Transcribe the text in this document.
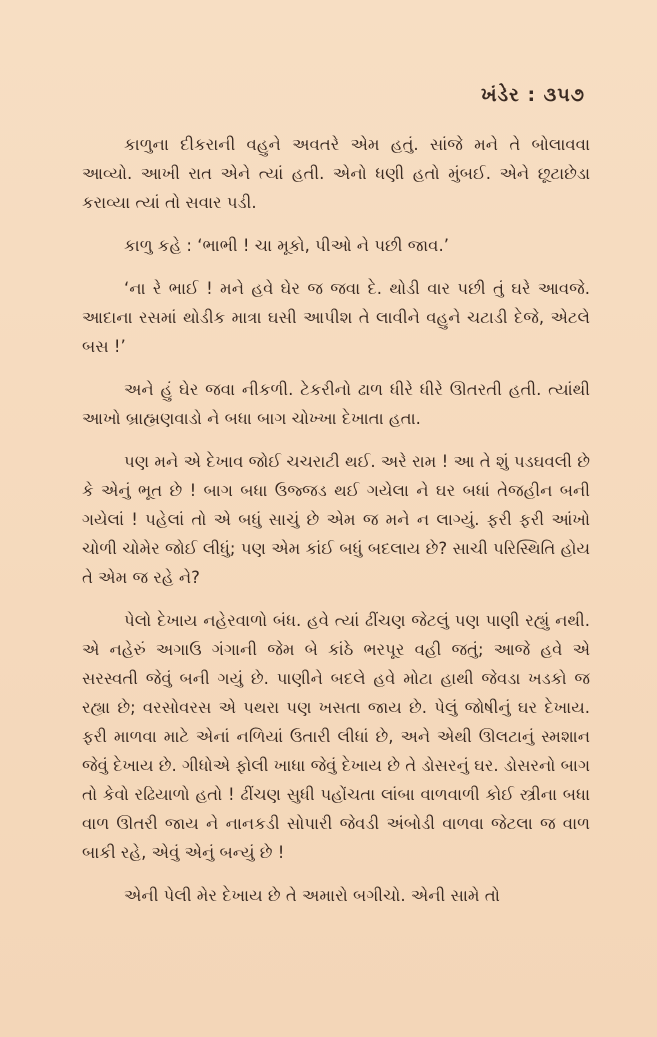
ખંડેર : ૩૫૭

કાળુના દીકરાની વહુને અવતરે એમ હતું. સાંજે મને તે બોલાવવા આવ્યો. આખી રાત એને ત્યાં હતી. એનો ધણી હતો મુંબઈ. એને છૂટાછેડા કરાવ્યા ત્યાં તો સવાર પડી.

કાળુ કહે : ‘ભાભી ! ચા મૂકો, પીઓ ને પછી જાવ.’

‘ના રે ભાઈ ! મને હવે ઘેર જ જવા દે. થોડી વાર પછી તું ઘરે આવજે. આદાના રસમાં થોડીક માત્રા ઘસી આપીશ તે લાવીને વહુને ચટાડી દેજે, એટલે બસ !’

અને હું ઘેર જવા નીકળી. ટેકરીનો ઢાળ ધીરે ધીરે ઊતરતી હતી. ત્યાંથી આખો બ્રાહ્મણવાડો ને બધા બાગ ચોખ્ખા દેખાતા હતા.

પણ મને એ દેખાવ જોઈ ચચરાટી થઈ. અરે રામ ! આ તે શું પડઘવલી છે કે એનું ભૂત છે ! બાગ બધા ઉજ્જડ થઈ ગયેલા ને ઘર બધાં તેજહીન બની ગયેલાં ! પહેલાં તો એ બધું સાચું છે એમ જ મને ન લાગ્યું. ફરી ફરી આંખો ચોળી ચોમેર જોઈ લીધું; પણ એમ કાંઈ બધું બદલાય છે? સાચી પરિસ્થિતિ હોય તે એમ જ રહે ને?

પેલો દેખાય નહેરવાળો બંધ. હવે ત્યાં ઢીંચણ જેટલું પણ પાણી રહ્યું નથી. એ નહેરું અગાઉ ગંગાની જેમ બે કાંઠે ભરપૂર વહી જતું; આજે હવે એ સરસ્વતી જેવું બની ગયું છે. પાણીને બદલે હવે મોટા હાથી જેવડા ખડકો જ રહ્યા છે; વરસોવરસ એ પથરા પણ ખસતા જાય છે. પેલું જોષીનું ઘર દેખાય. ફરી માળવા માટે એનાં નળિયાં ઉતારી લીધાં છે, અને એથી ઊલટાનું સ્મશાન જેવું દેખાય છે. ગીધોએ ફોલી ખાધા જેવું દેખાય છે તે ડોસરનું ઘર. ડોસરનો બાગ તો કેવો રઢિયાળો હતો ! ઢીંચણ સુધી પહોંચતા લાંબા વાળવાળી કોઈ સ્ત્રીના બધા વાળ ઊતરી જાય ને નાનકડી સોપારી જેવડી અંબોડી વાળવા જેટલા જ વાળ બાકી રહે, એવું એનું બન્યું છે !

એની પેલી મેર દેખાય છે તે અમારો બગીચો. એની સામે તો
